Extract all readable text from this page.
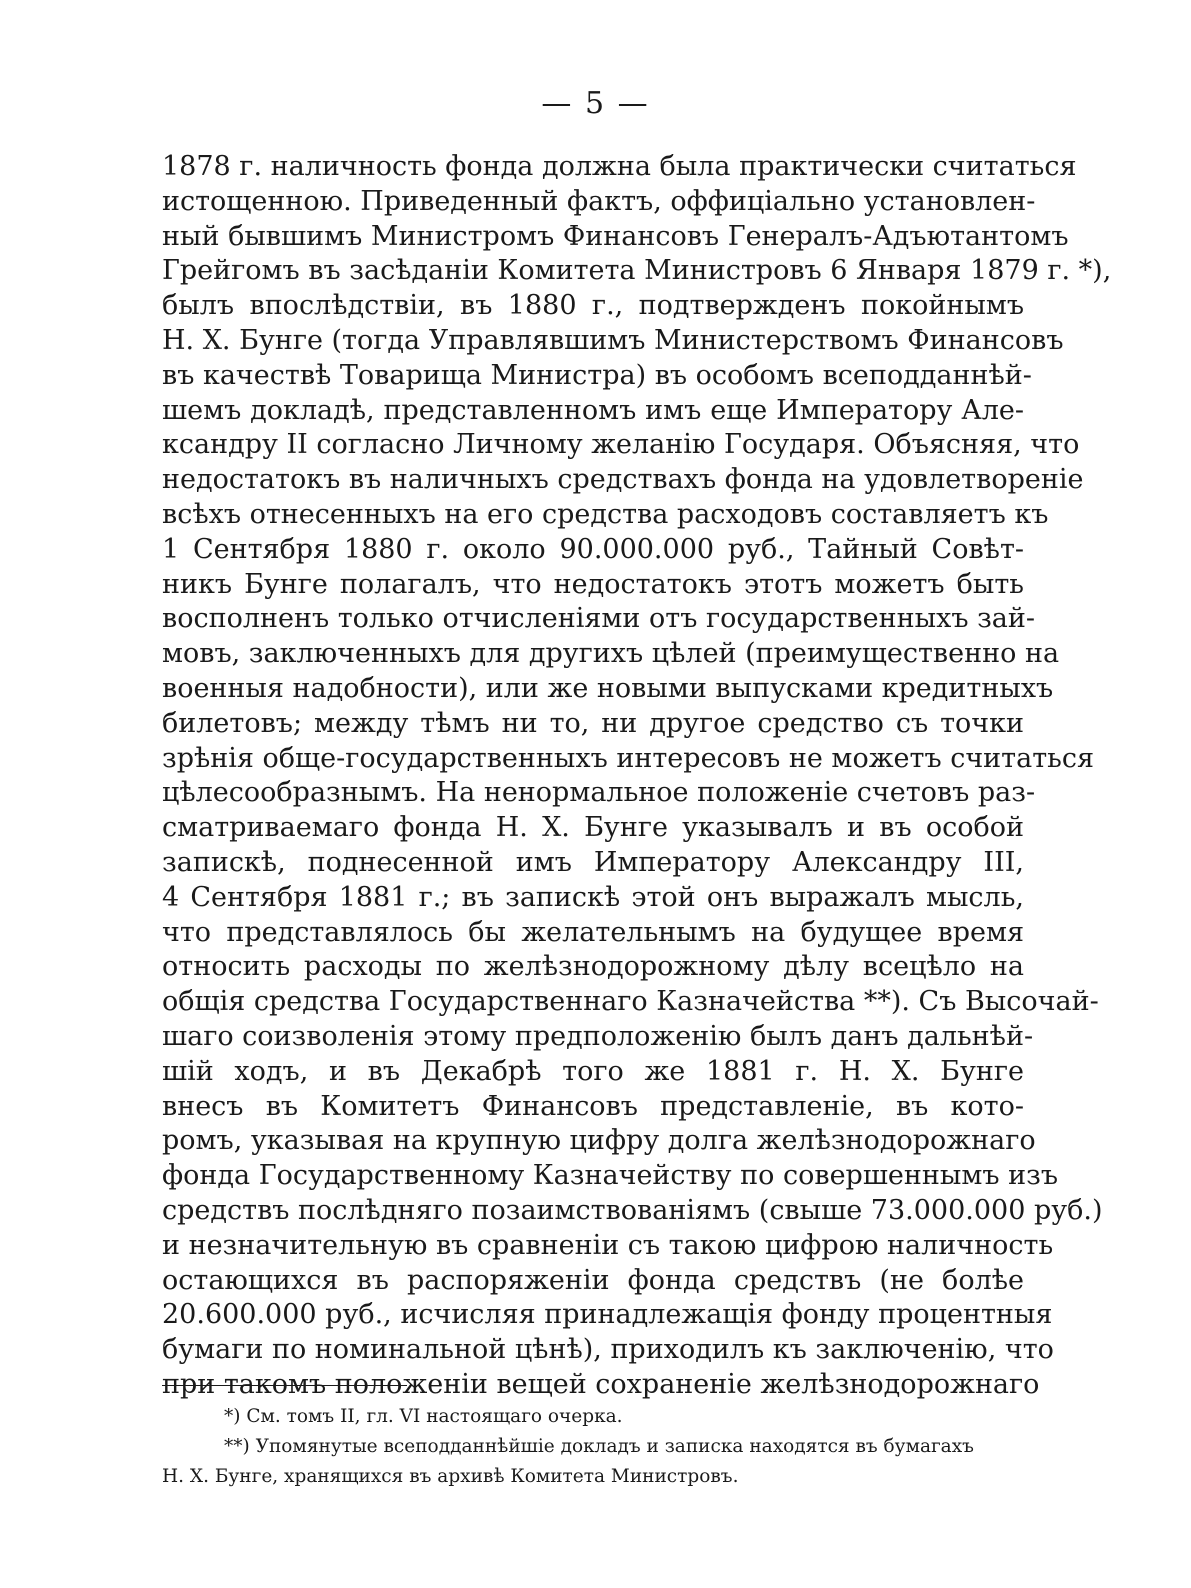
— 5 —
1878 г. наличность фонда должна была практически считаться
истощенною. Приведенный фактъ, оффиціально установлен-
ный бывшимъ Министромъ Финансовъ Генералъ-Адъютантомъ
Грейгомъ въ засѣданіи Комитета Министровъ 6 Января 1879 г. *),
былъ впослѣдствіи, въ 1880 г., подтвержденъ покойнымъ
Н. Х. Бунге (тогда Управлявшимъ Министерствомъ Финансовъ
въ качествѣ Товарища Министра) въ особомъ всеподданнѣй-
шемъ докладѣ, представленномъ имъ еще Императору Але-
ксандру II согласно Личному желанію Государя. Объясняя, что
недостатокъ въ наличныхъ средствахъ фонда на удовлетвореніе
всѣхъ отнесенныхъ на его средства расходовъ составляетъ къ
1 Сентября 1880 г. около 90.000.000 руб., Тайный Совѣт-
никъ Бунге полагалъ, что недостатокъ этотъ можетъ быть
восполненъ только отчисленіями отъ государственныхъ зай-
мовъ, заключенныхъ для другихъ цѣлей (преимущественно на
военныя надобности), или же новыми выпусками кредитныхъ
билетовъ; между тѣмъ ни то, ни другое средство съ точки
зрѣнія обще-государственныхъ интересовъ не можетъ считаться
цѣлесообразнымъ. На ненормальное положеніе счетовъ раз-
сматриваемаго фонда Н. Х. Бунге указывалъ и въ особой
запискѣ, поднесенной имъ Императору Александру III,
4 Сентября 1881 г.; въ запискѣ этой онъ выражалъ мысль,
что представлялось бы желательнымъ на будущее время
относить расходы по желѣзнодорожному дѣлу всецѣло на
общія средства Государственнаго Казначейства **). Съ Высочай-
шаго соизволенія этому предположенію былъ данъ дальнѣй-
шій ходъ, и въ Декабрѣ того же 1881 г. Н. Х. Бунге
внесъ въ Комитетъ Финансовъ представленіе, въ кото-
ромъ, указывая на крупную цифру долга желѣзнодорожнаго
фонда Государственному Казначейству по совершеннымъ изъ
средствъ послѣдняго позаимствованіямъ (свыше 73.000.000 руб.)
и незначительную въ сравненіи съ такою цифрою наличность
остающихся въ распоряженіи фонда средствъ (не болѣе
20.600.000 руб., исчисляя принадлежащія фонду процентныя
бумаги по номинальной цѣнѣ), приходилъ къ заключенію, что
при такомъ положеніи вещей сохраненіе желѣзнодорожнаго
*) См. томъ II, гл. VI настоящаго очерка.
**) Упомянутые всеподданнѣйшіе докладъ и записка находятся въ бумагахъ
Н. Х. Бунге, хранящихся въ архивѣ Комитета Министровъ.
